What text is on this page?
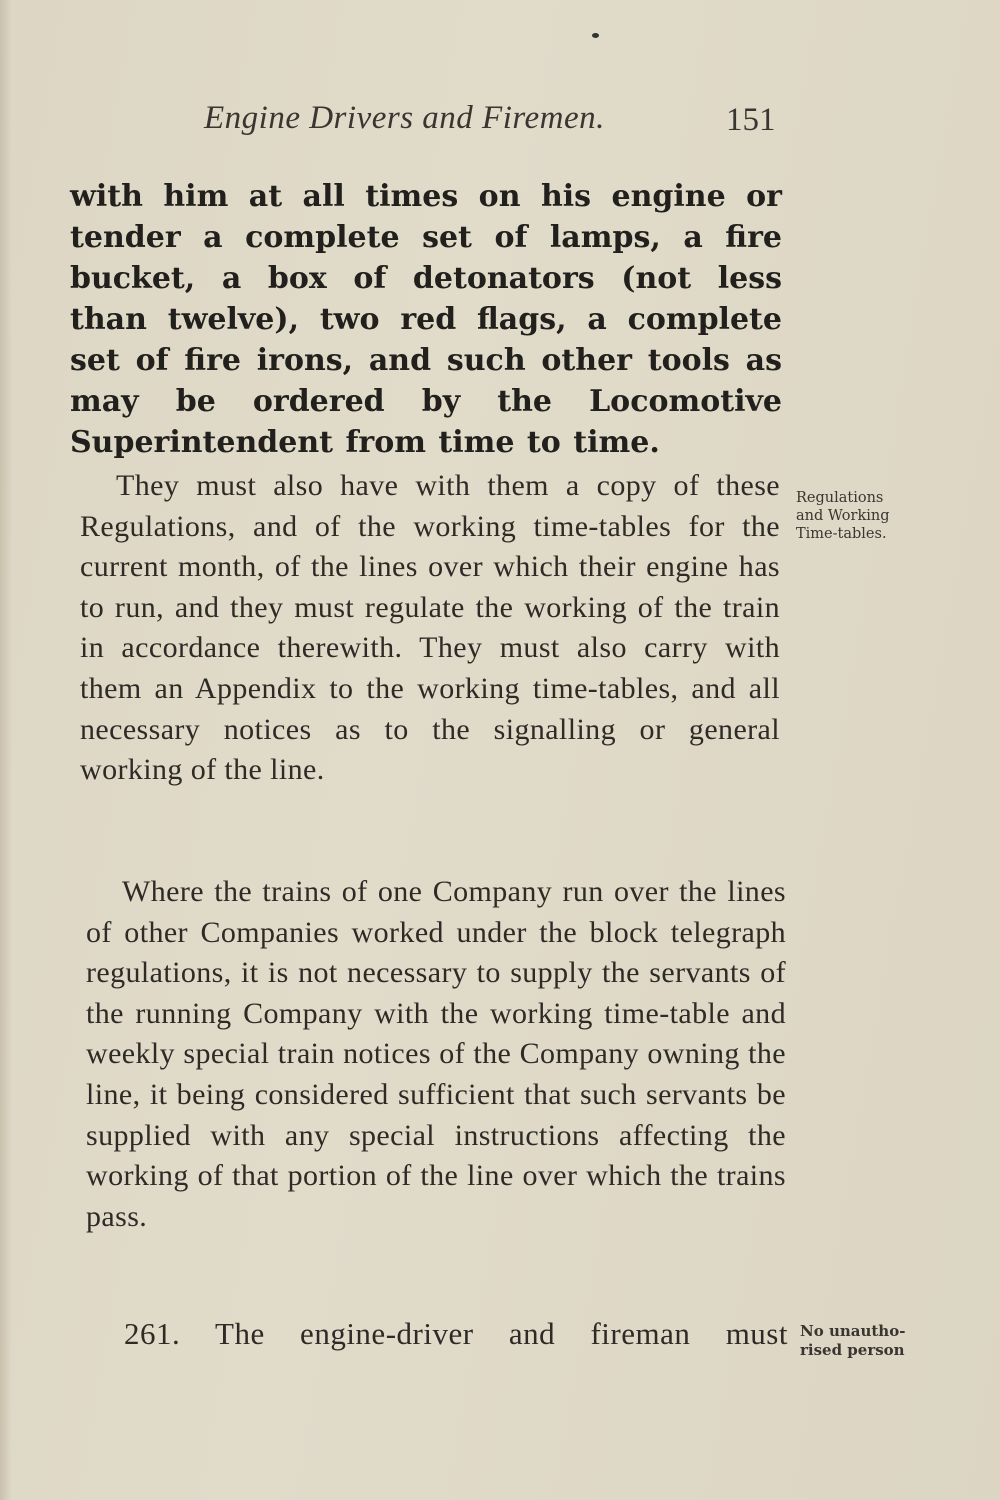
Engine Drivers and Firemen.	151
with him at all times on his engine or tender a complete set of lamps, a fire bucket, a box of detonators (not less than twelve), two red flags, a complete set of fire irons, and such other tools as may be ordered by the Locomotive Superintendent from time to time.
They must also have with them a copy of these Regulations, and of the working time-tables for the current month, of the lines over which their engine has to run, and they must regulate the working of the train in accordance therewith. They must also carry with them an Appendix to the working time-tables, and all necessary notices as to the signalling or general working of the line.
Regulations
and Working
Time-tables.
Where the trains of one Company run over the lines of other Companies worked under the block telegraph regulations, it is not necessary to supply the servants of the running Company with the working time-table and weekly special train notices of the Company owning the line, it being considered sufficient that such servants be supplied with any special instructions affecting the working of that portion of the line over which the trains pass.
261. The engine-driver and fireman must No unautho-
rised person
